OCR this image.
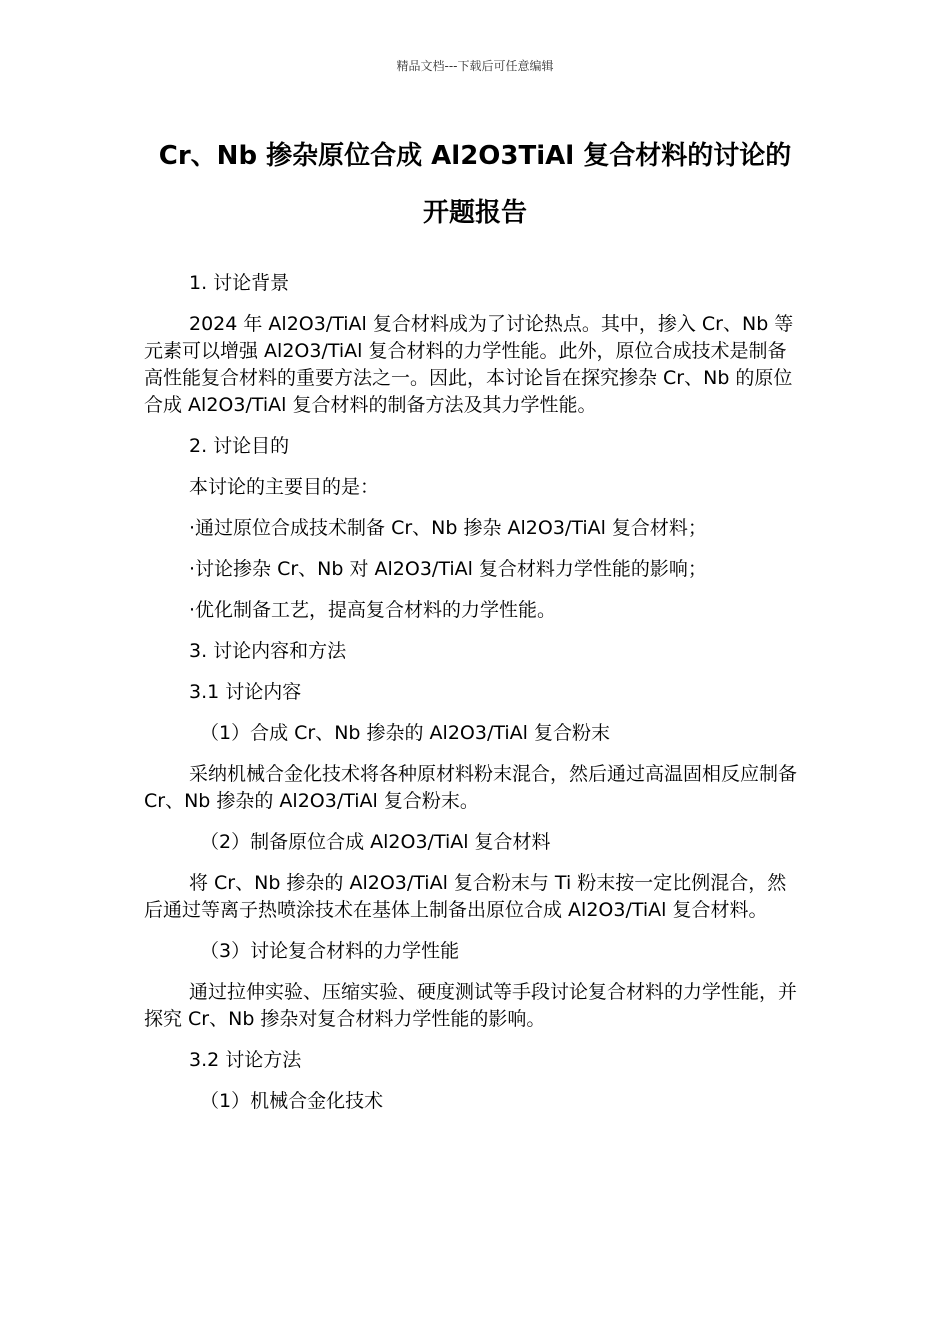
精品文档---下载后可任意编辑
Cr、Nb 掺杂原位合成 Al2O3TiAl 复合材料的讨论的
开题报告

1. 讨论背景

2024 年 Al2O3/TiAl 复合材料成为了讨论热点。其中，掺入 Cr、Nb 等元素可以增强 Al2O3/TiAl 复合材料的力学性能。此外，原位合成技术是制备高性能复合材料的重要方法之一。因此，本讨论旨在探究掺杂 Cr、Nb 的原位合成 Al2O3/TiAl 复合材料的制备方法及其力学性能。

2. 讨论目的

本讨论的主要目的是：

·通过原位合成技术制备 Cr、Nb 掺杂 Al2O3/TiAl 复合材料；

·讨论掺杂 Cr、Nb 对 Al2O3/TiAl 复合材料力学性能的影响；

·优化制备工艺，提高复合材料的力学性能。

3. 讨论内容和方法

3.1 讨论内容

（1）合成 Cr、Nb 掺杂的 Al2O3/TiAl 复合粉末

采纳机械合金化技术将各种原材料粉末混合，然后通过高温固相反应制备 Cr、Nb 掺杂的 Al2O3/TiAl 复合粉末。

（2）制备原位合成 Al2O3/TiAl 复合材料

将 Cr、Nb 掺杂的 Al2O3/TiAl 复合粉末与 Ti 粉末按一定比例混合，然后通过等离子热喷涂技术在基体上制备出原位合成 Al2O3/TiAl 复合材料。

（3）讨论复合材料的力学性能

通过拉伸实验、压缩实验、硬度测试等手段讨论复合材料的力学性能，并探究 Cr、Nb 掺杂对复合材料力学性能的影响。

3.2 讨论方法

（1）机械合金化技术
